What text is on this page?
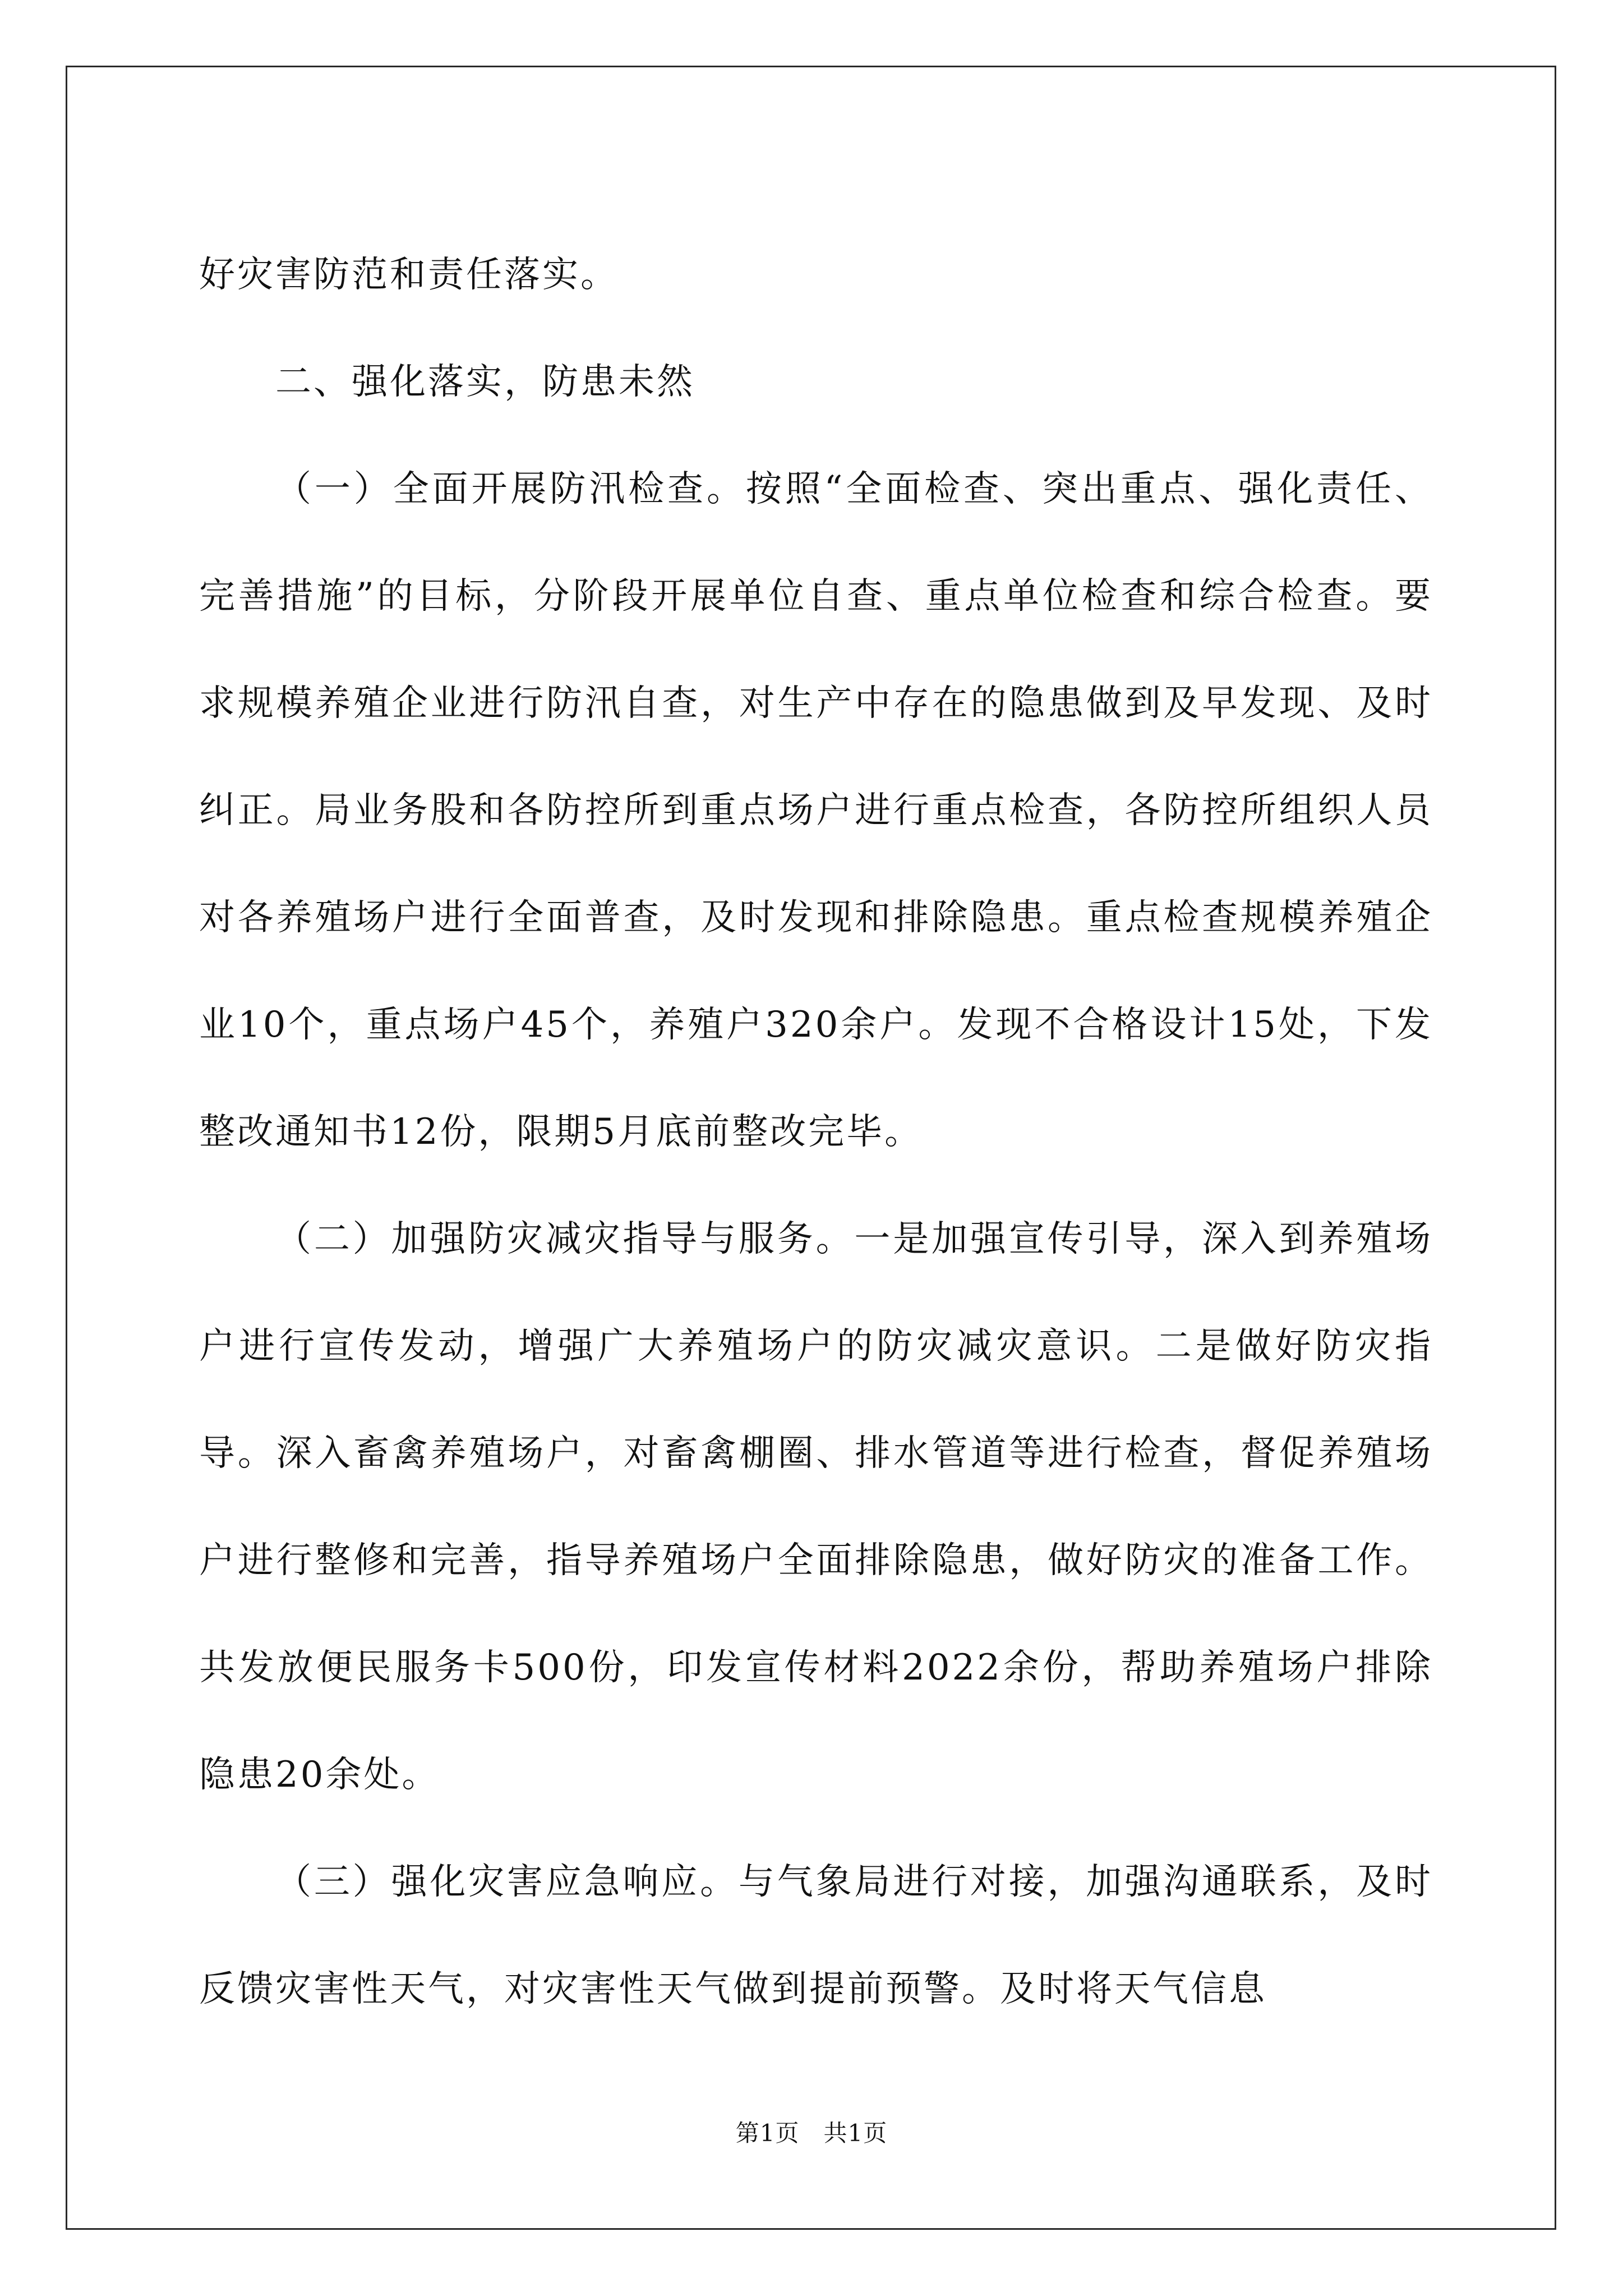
好灾害防范和责任落实。

二、强化落实，防患未然

（一）全面开展防汛检查。按照“全面检查、突出重点、强化责任、完善措施”的目标，分阶段开展单位自查、重点单位检查和综合检查。要求规模养殖企业进行防汛自查，对生产中存在的隐患做到及早发现、及时纠正。局业务股和各防控所到重点场户进行重点检查，各防控所组织人员对各养殖场户进行全面普查，及时发现和排除隐患。重点检查规模养殖企业10个，重点场户45个，养殖户320余户。发现不合格设计15处，下发整改通知书12份，限期5月底前整改完毕。

（二）加强防灾减灾指导与服务。一是加强宣传引导，深入到养殖场户进行宣传发动，增强广大养殖场户的防灾减灾意识。二是做好防灾指导。深入畜禽养殖场户，对畜禽棚圈、排水管道等进行检查，督促养殖场户进行整修和完善，指导养殖场户全面排除隐患，做好防灾的准备工作。共发放便民服务卡500份，印发宣传材料2022余份，帮助养殖场户排除隐患20余处。

（三）强化灾害应急响应。与气象局进行对接，加强沟通联系，及时反馈灾害性天气，对灾害性天气做到提前预警。及时将天气信息

第1页　共1页
